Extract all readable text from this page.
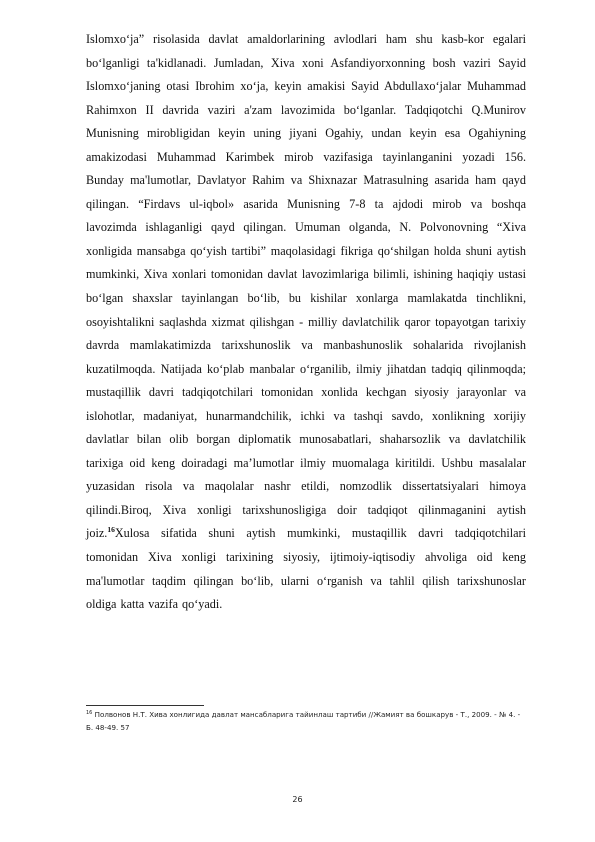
Islomxo‘ja” risolasida davlat amaldorlarining avlodlari ham shu kasb-kor egalari bo‘lganligi ta'kidlanadi. Jumladan, Xiva xoni Asfandiyorxonning bosh vaziri Sayid Islomxo‘janing otasi Ibrohim xo‘ja, keyin amakisi Sayid Abdullaxo‘jalar Muhammad Rahimxon II davrida vaziri a'zam lavozimida bo‘lganlar. Tadqiqotchi Q.Munirov Munisning mirobligidan keyin uning jiyani Ogahiy, undan keyin esa Ogahiyning amakizodasi Muhammad Karimbek mirob vazifasiga tayinlanganini yozadi 156. Bunday ma'lumotlar, Davlatyor Rahim va Shixnazar Matrasulning asarida ham qayd qilingan. “Firdavs ul-iqbol» asarida Munisning 7-8 ta ajdodi mirob va boshqa lavozimda ishlaganligi qayd qilingan. Umuman olganda, N. Polvonovning “Xiva xonligida mansabga qo‘yish tartibi” maqolasidagi fikriga qo‘shilgan holda shuni aytish mumkinki, Xiva xonlari tomonidan davlat lavozimlariga bilimli, ishining haqiqiy ustasi bo‘lgan shaxslar tayinlangan bo‘lib, bu kishilar xonlarga mamlakatda tinchlikni, osoyishtalikni saqlashda xizmat qilishgan - milliy davlatchilik qaror topayotgan tarixiy davrda mamlakatimizda tarixshunoslik va manbashunoslik sohalarida rivojlanish kuzatilmoqda. Natijada ko‘plab manbalar o‘rganilib, ilmiy jihatdan tadqiq qilinmoqda; mustaqillik davri tadqiqotchilari tomonidan xonlida kechgan siyosiy jarayonlar va islohotlar, madaniyat, hunarmandchilik, ichki va tashqi savdo, xonlikning xorijiy davlatlar bilan olib borgan diplomatik munosabatlari, shaharsozlik va davlatchilik tarixiga oid keng doiradagi ma’lumotlar ilmiy muomalaga kiritildi. Ushbu masalalar yuzasidan risola va maqolalar nashr etildi, nomzodlik dissertatsiyalari himoya qilindi.Biroq, Xiva xonligi tarixshunosligiga doir tadqiqot qilinmaganini aytish joiz.$^{16}$Xulosa sifatida shuni aytish mumkinki, mustaqillik davri tadqiqotchilari tomonidan Xiva xonligi tarixining siyosiy, ijtimoiy-iqtisodiy ahvoliga oid keng ma'lumotlar taqdim qilingan bo‘lib, ularni o‘rganish va tahlil qilish tarixshunoslar oldiga katta vazifa qo‘yadi.
$^{16}$ Полвонов Н.Т. Хива хонлигида давлат мансабларига тайинлаш тартиби //Жамият ва бошкарув - Т., 2009. - № 4. - Б. 48-49. 57
26
